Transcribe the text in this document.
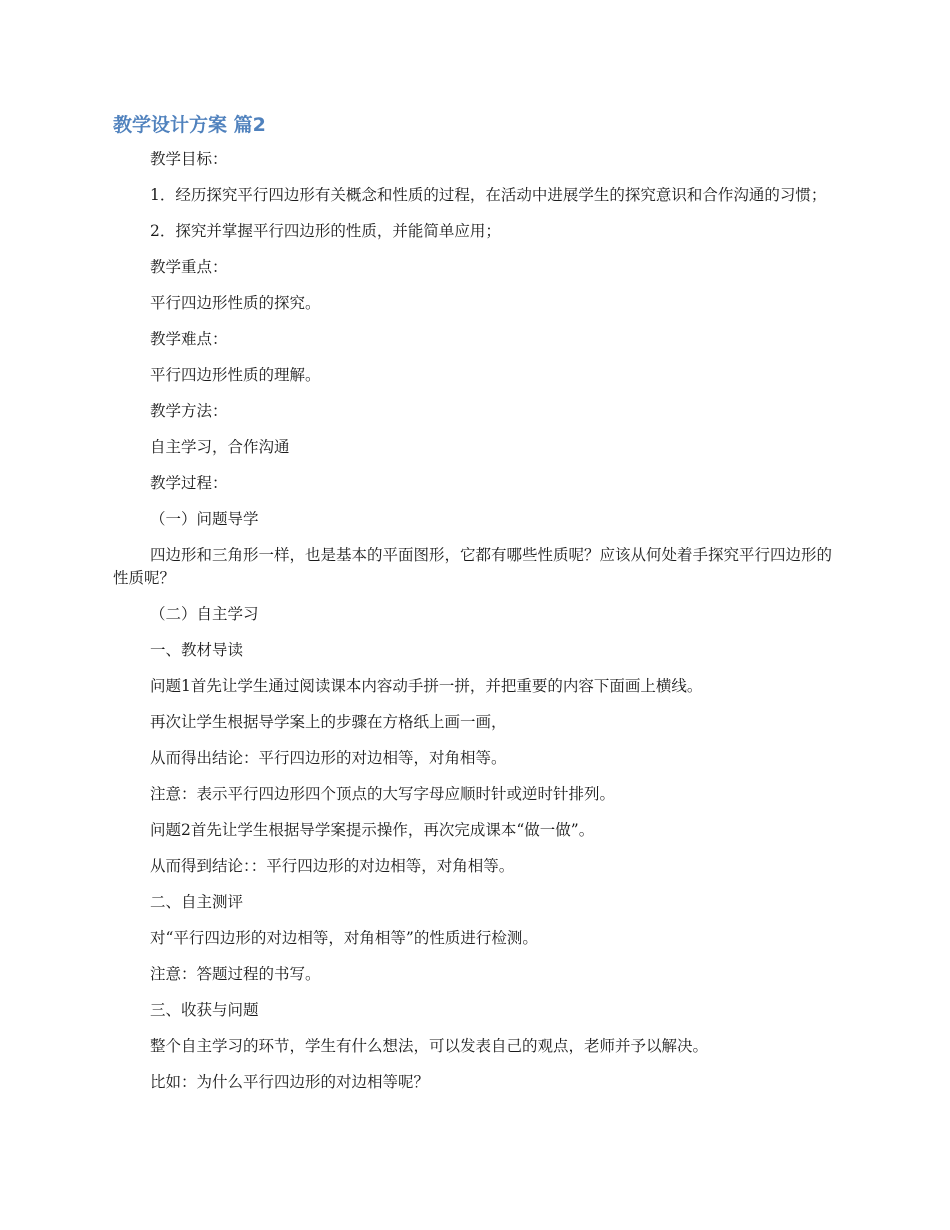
教学设计方案 篇2

教学目标：

1．经历探究平行四边形有关概念和性质的过程，在活动中进展学生的探究意识和合作沟通的习惯；

2．探究并掌握平行四边形的性质，并能简单应用；

教学重点：

平行四边形性质的探究。

教学难点：

平行四边形性质的理解。

教学方法：

自主学习，合作沟通

教学过程：

（一）问题导学

四边形和三角形一样，也是基本的平面图形，它都有哪些性质呢？应该从何处着手探究平行四边形的性质呢？

（二）自主学习

一、教材导读

问题1首先让学生通过阅读课本内容动手拼一拼，并把重要的内容下面画上横线。

再次让学生根据导学案上的步骤在方格纸上画一画，

从而得出结论：平行四边形的对边相等，对角相等。

注意：表示平行四边形四个顶点的大写字母应顺时针或逆时针排列。

问题2首先让学生根据导学案提示操作，再次完成课本“做一做”。

从而得到结论：：平行四边形的对边相等，对角相等。

二、自主测评

对“平行四边形的对边相等，对角相等”的性质进行检测。

注意：答题过程的书写。

三、收获与问题

整个自主学习的环节，学生有什么想法，可以发表自己的观点，老师并予以解决。

比如：为什么平行四边形的对边相等呢？
